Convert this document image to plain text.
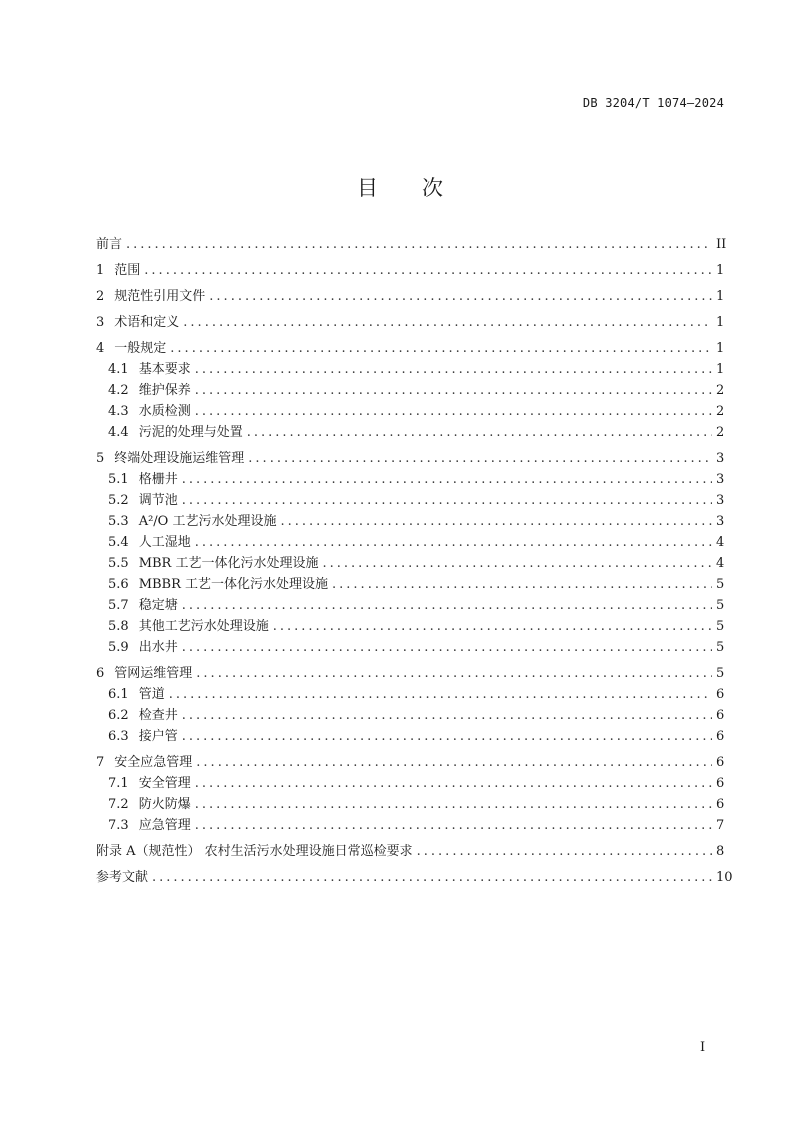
DB 3204/T 1074—2024
目次
前言 .....	II
1 范围 .....	1
2 规范性引用文件 .....	1
3 术语和定义 .....	1
4 一般规定 .....	1
4.1 基本要求 .....	1
4.2 维护保养 .....	2
4.3 水质检测 .....	2
4.4 污泥的处理与处置 .....	2
5 终端处理设施运维管理 .....	3
5.1 格栅井 .....	3
5.2 调节池 .....	3
5.3 A²/O 工艺污水处理设施 .....	3
5.4 人工湿地 .....	4
5.5 MBR 工艺一体化污水处理设施 .....	4
5.6 MBBR 工艺一体化污水处理设施 .....	5
5.7 稳定塘 .....	5
5.8 其他工艺污水处理设施 .....	5
5.9 出水井 .....	5
6 管网运维管理 .....	5
6.1 管道 .....	6
6.2 检查井 .....	6
6.3 接户管 .....	6
7 安全应急管理 .....	6
7.1 安全管理 .....	6
7.2 防火防爆 .....	6
7.3 应急管理 .....	7
附录 A（规范性） 农村生活污水处理设施日常巡检要求 .....	8
参考文献 .....	10
I
